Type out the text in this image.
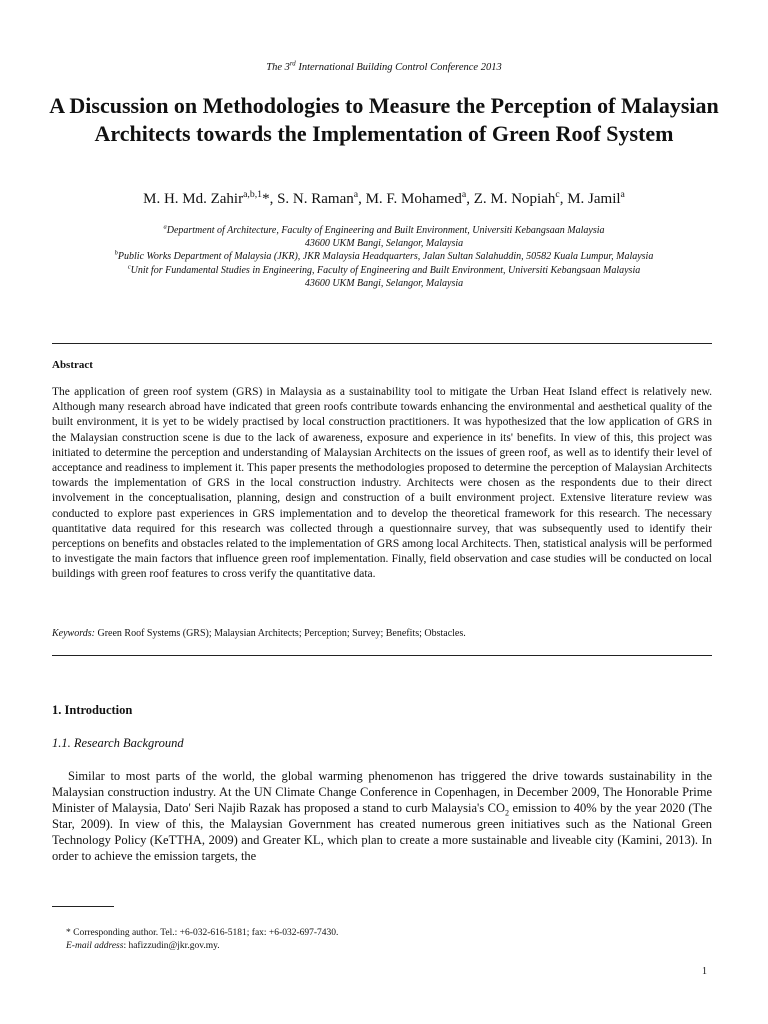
The 3rd International Building Control Conference 2013
A Discussion on Methodologies to Measure the Perception of Malaysian Architects towards the Implementation of Green Roof System
M. H. Md. Zahir$^{a,b,1}$*, S. N. Raman$^a$, M. F. Mohamed$^a$, Z. M. Nopiah$^c$, M. Jamil$^a$
$^a$Department of Architecture, Faculty of Engineering and Built Environment, Universiti Kebangsaan Malaysia
43600 UKM Bangi, Selangor, Malaysia
$^b$Public Works Department of Malaysia (JKR), JKR Malaysia Headquarters, Jalan Sultan Salahuddin, 50582 Kuala Lumpur, Malaysia
$^c$Unit for Fundamental Studies in Engineering, Faculty of Engineering and Built Environment, Universiti Kebangsaan Malaysia
43600 UKM Bangi, Selangor, Malaysia
Abstract
The application of green roof system (GRS) in Malaysia as a sustainability tool to mitigate the Urban Heat Island effect is relatively new. Although many research abroad have indicated that green roofs contribute towards enhancing the environmental and aesthetical quality of the built environment, it is yet to be widely practised by local construction practitioners. It was hypothesized that the low application of GRS in the Malaysian construction scene is due to the lack of awareness, exposure and experience in its' benefits. In view of this, this project was initiated to determine the perception and understanding of Malaysian Architects on the issues of green roof, as well as to identify their level of acceptance and readiness to implement it. This paper presents the methodologies proposed to determine the perception of Malaysian Architects towards the implementation of GRS in the local construction industry. Architects were chosen as the respondents due to their direct involvement in the conceptualisation, planning, design and construction of a built environment project. Extensive literature review was conducted to explore past experiences in GRS implementation and to develop the theoretical framework for this research. The necessary quantitative data required for this research was collected through a questionnaire survey, that was subsequently used to identify their perceptions on benefits and obstacles related to the implementation of GRS among local Architects. Then, statistical analysis will be performed to investigate the main factors that influence green roof implementation. Finally, field observation and case studies will be conducted on local buildings with green roof features to cross verify the quantitative data.
Keywords: Green Roof Systems (GRS); Malaysian Architects; Perception; Survey; Benefits; Obstacles.
1. Introduction
1.1. Research Background
Similar to most parts of the world, the global warming phenomenon has triggered the drive towards sustainability in the Malaysian construction industry. At the UN Climate Change Conference in Copenhagen, in December 2009, The Honorable Prime Minister of Malaysia, Dato' Seri Najib Razak has proposed a stand to curb Malaysia's $CO_2$ emission to 40% by the year 2020 (The Star, 2009). In view of this, the Malaysian Government has created numerous green initiatives such as the National Green Technology Policy (KeTTHA, 2009) and Greater KL, which plan to create a more sustainable and liveable city (Kamini, 2013). In order to achieve the emission targets, the
* Corresponding author. Tel.: +6-032-616-5181; fax: +6-032-697-7430.
E-mail address: hafizzudin@jkr.gov.my.
1
